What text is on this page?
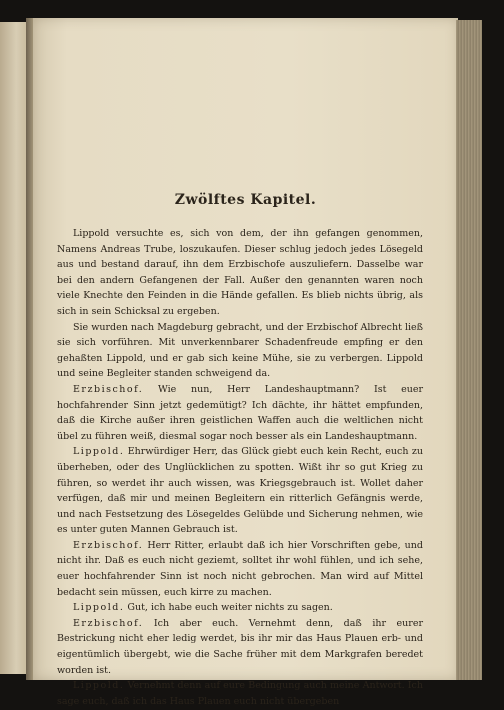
Zwölftes Kapitel.

Lippold versuchte es, sich von dem, der ihn gefangen genommen, Namens Andreas Trube, loszukaufen. Dieser schlug jedoch jedes Lösegeld aus und bestand darauf, ihn dem Erzbischofe auszuliefern. Dasselbe war bei den andern Gefangenen der Fall. Außer den genannten waren noch viele Knechte den Feinden in die Hände gefallen. Es blieb nichts übrig, als sich in sein Schicksal zu ergeben.

Sie wurden nach Magdeburg gebracht, und der Erzbischof Albrecht ließ sie sich vorführen. Mit unverkennbarer Schadenfreude empfing er den gehaßten Lippold, und er gab sich keine Mühe, sie zu verbergen. Lippold und seine Begleiter standen schweigend da.

Erzbischof. Wie nun, Herr Landeshauptmann? Ist euer hochfahrender Sinn jetzt gedemütigt? Ich dächte, ihr hättet empfunden, daß die Kirche außer ihren geistlichen Waffen auch die weltlichen nicht übel zu führen weiß, diesmal sogar noch besser als ein Landeshauptmann.

Lippold. Ehrwürdiger Herr, das Glück giebt euch kein Recht, euch zu überheben, oder des Unglücklichen zu spotten. Wißt ihr so gut Krieg zu führen, so werdet ihr auch wissen, was Kriegsgebrauch ist. Wollet daher verfügen, daß mir und meinen Begleitern ein ritterlich Gefängnis werde, und nach Festsetzung des Lösegeldes Gelübde und Sicherung nehmen, wie es unter guten Mannen Gebrauch ist.

Erzbischof. Herr Ritter, erlaubt daß ich hier Vorschriften gebe, und nicht ihr. Daß es euch nicht geziemt, solltet ihr wohl fühlen, und ich sehe, euer hochfahrender Sinn ist noch nicht gebrochen. Man wird auf Mittel bedacht sein müssen, euch kirre zu machen.

Lippold. Gut, ich habe euch weiter nichts zu sagen.

Erzbischof. Ich aber euch. Vernehmt denn, daß ihr eurer Bestrickung nicht eher ledig werdet, bis ihr mir das Haus Plauen erb- und eigentümlich übergebt, wie die Sache früher mit dem Markgrafen beredet worden ist.

Lippold. Vernehmt denn auf eure Bedingung auch meine Antwort. Ich sage euch, daß ich das Haus Plauen euch nicht übergeben
